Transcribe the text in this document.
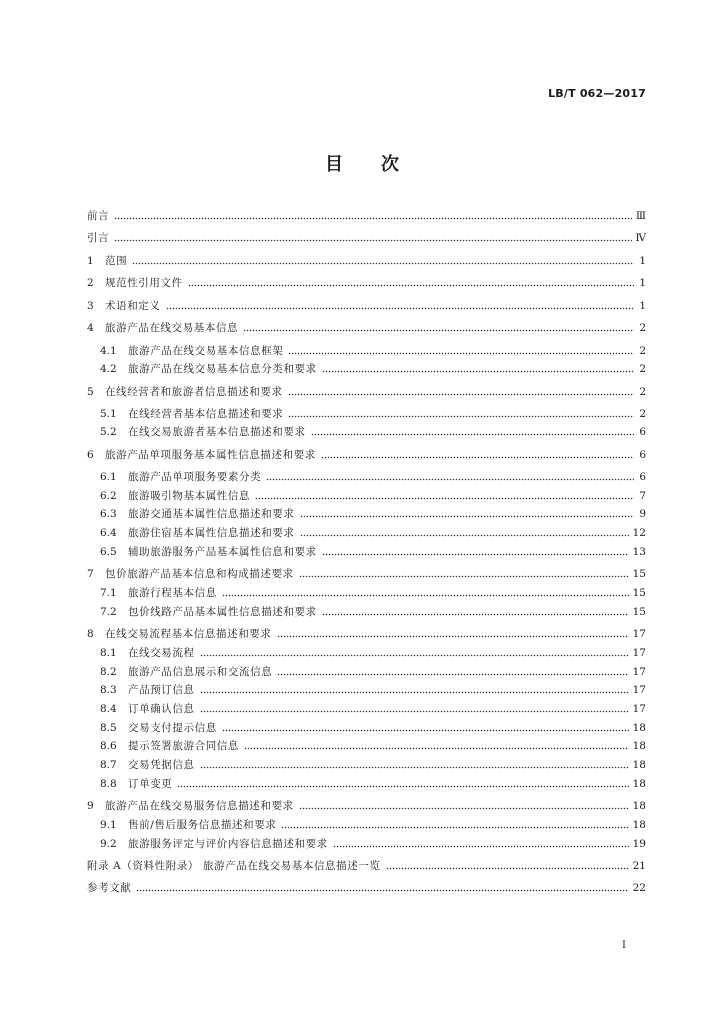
LB/T 062—2017
目 次
前言	Ⅲ
引言	Ⅳ
1	范围	1
2	规范性引用文件	1
3	术语和定义	1
4	旅游产品在线交易基本信息	2
4.1	旅游产品在线交易基本信息框架	2
4.2	旅游产品在线交易基本信息分类和要求	2
5	在线经营者和旅游者信息描述和要求	2
5.1	在线经营者基本信息描述和要求	2
5.2	在线交易旅游者基本信息描述和要求	6
6	旅游产品单项服务基本属性信息描述和要求	6
6.1	旅游产品单项服务要素分类	6
6.2	旅游吸引物基本属性信息	7
6.3	旅游交通基本属性信息描述和要求	9
6.4	旅游住宿基本属性信息描述和要求	12
6.5	辅助旅游服务产品基本属性信息和要求	13
7	包价旅游产品基本信息和构成描述要求	15
7.1	旅游行程基本信息	15
7.2	包价线路产品基本属性信息描述和要求	15
8	在线交易流程基本信息描述和要求	17
8.1	在线交易流程	17
8.2	旅游产品信息展示和交流信息	17
8.3	产品预订信息	17
8.4	订单确认信息	17
8.5	交易支付提示信息	18
8.6	提示签署旅游合同信息	18
8.7	交易凭据信息	18
8.8	订单变更	18
9	旅游产品在线交易服务信息描述和要求	18
9.1	售前/售后服务信息描述和要求	18
9.2	旅游服务评定与评价内容信息描述和要求	19
附录 A（资料性附录） 旅游产品在线交易基本信息描述一览	21
参考文献	22
I
